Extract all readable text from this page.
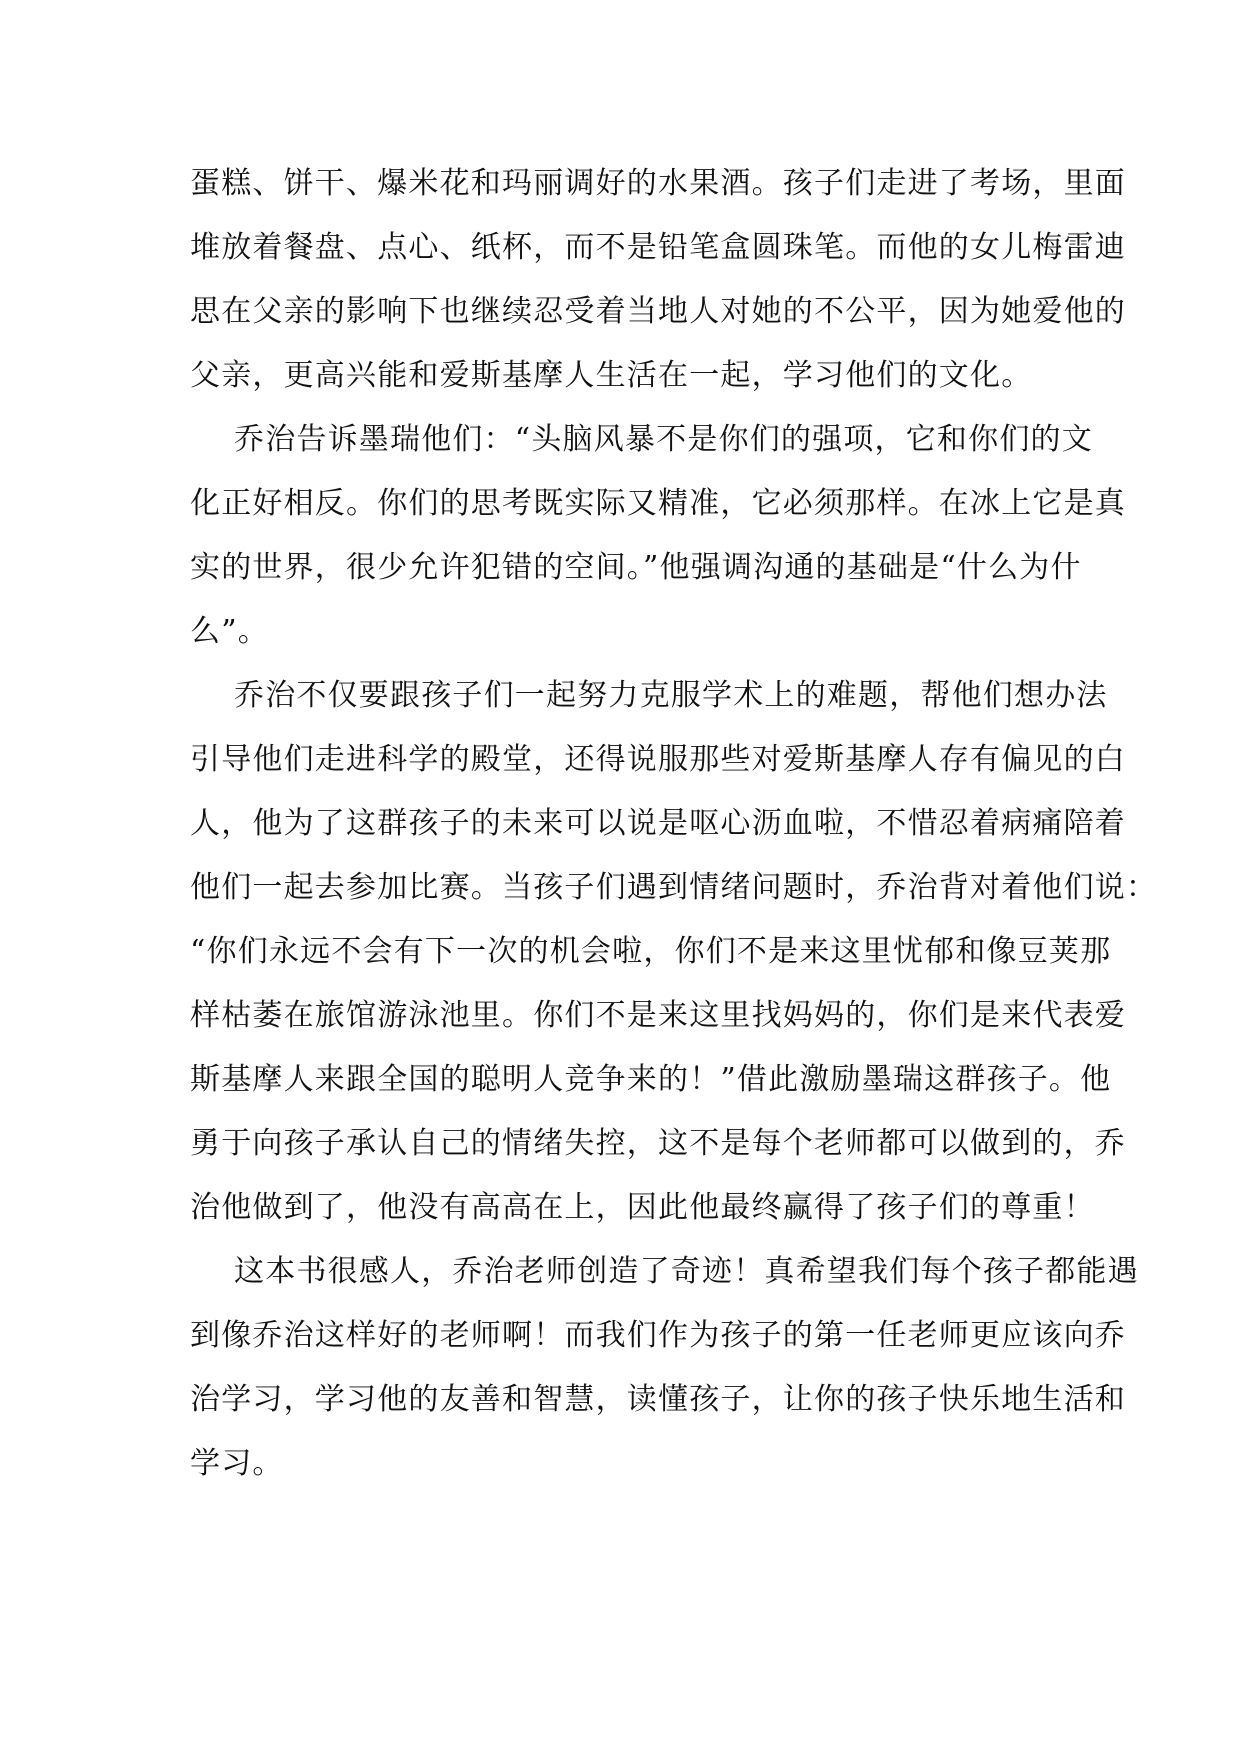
蛋糕、饼干、爆米花和玛丽调好的水果酒。孩子们走进了考场，里面
堆放着餐盘、点心、纸杯，而不是铅笔盒圆珠笔。而他的女儿梅雷迪
思在父亲的影响下也继续忍受着当地人对她的不公平，因为她爱他的
父亲，更高兴能和爱斯基摩人生活在一起，学习他们的文化。
乔治告诉墨瑞他们：“头脑风暴不是你们的强项，它和你们的文
化正好相反。你们的思考既实际又精准，它必须那样。在冰上它是真
实的世界，很少允许犯错的空间。”他强调沟通的基础是“什么为什
么”。
乔治不仅要跟孩子们一起努力克服学术上的难题，帮他们想办法
引导他们走进科学的殿堂，还得说服那些对爱斯基摩人存有偏见的白
人，他为了这群孩子的未来可以说是呕心沥血啦，不惜忍着病痛陪着
他们一起去参加比赛。当孩子们遇到情绪问题时，乔治背对着他们说：
“你们永远不会有下一次的机会啦，你们不是来这里忧郁和像豆荚那
样枯萎在旅馆游泳池里。你们不是来这里找妈妈的，你们是来代表爱
斯基摩人来跟全国的聪明人竞争来的！”借此激励墨瑞这群孩子。他
勇于向孩子承认自己的情绪失控，这不是每个老师都可以做到的，乔
治他做到了，他没有高高在上，因此他最终赢得了孩子们的尊重！
这本书很感人，乔治老师创造了奇迹！真希望我们每个孩子都能遇
到像乔治这样好的老师啊！而我们作为孩子的第一任老师更应该向乔
治学习，学习他的友善和智慧，读懂孩子，让你的孩子快乐地生活和
学习。
